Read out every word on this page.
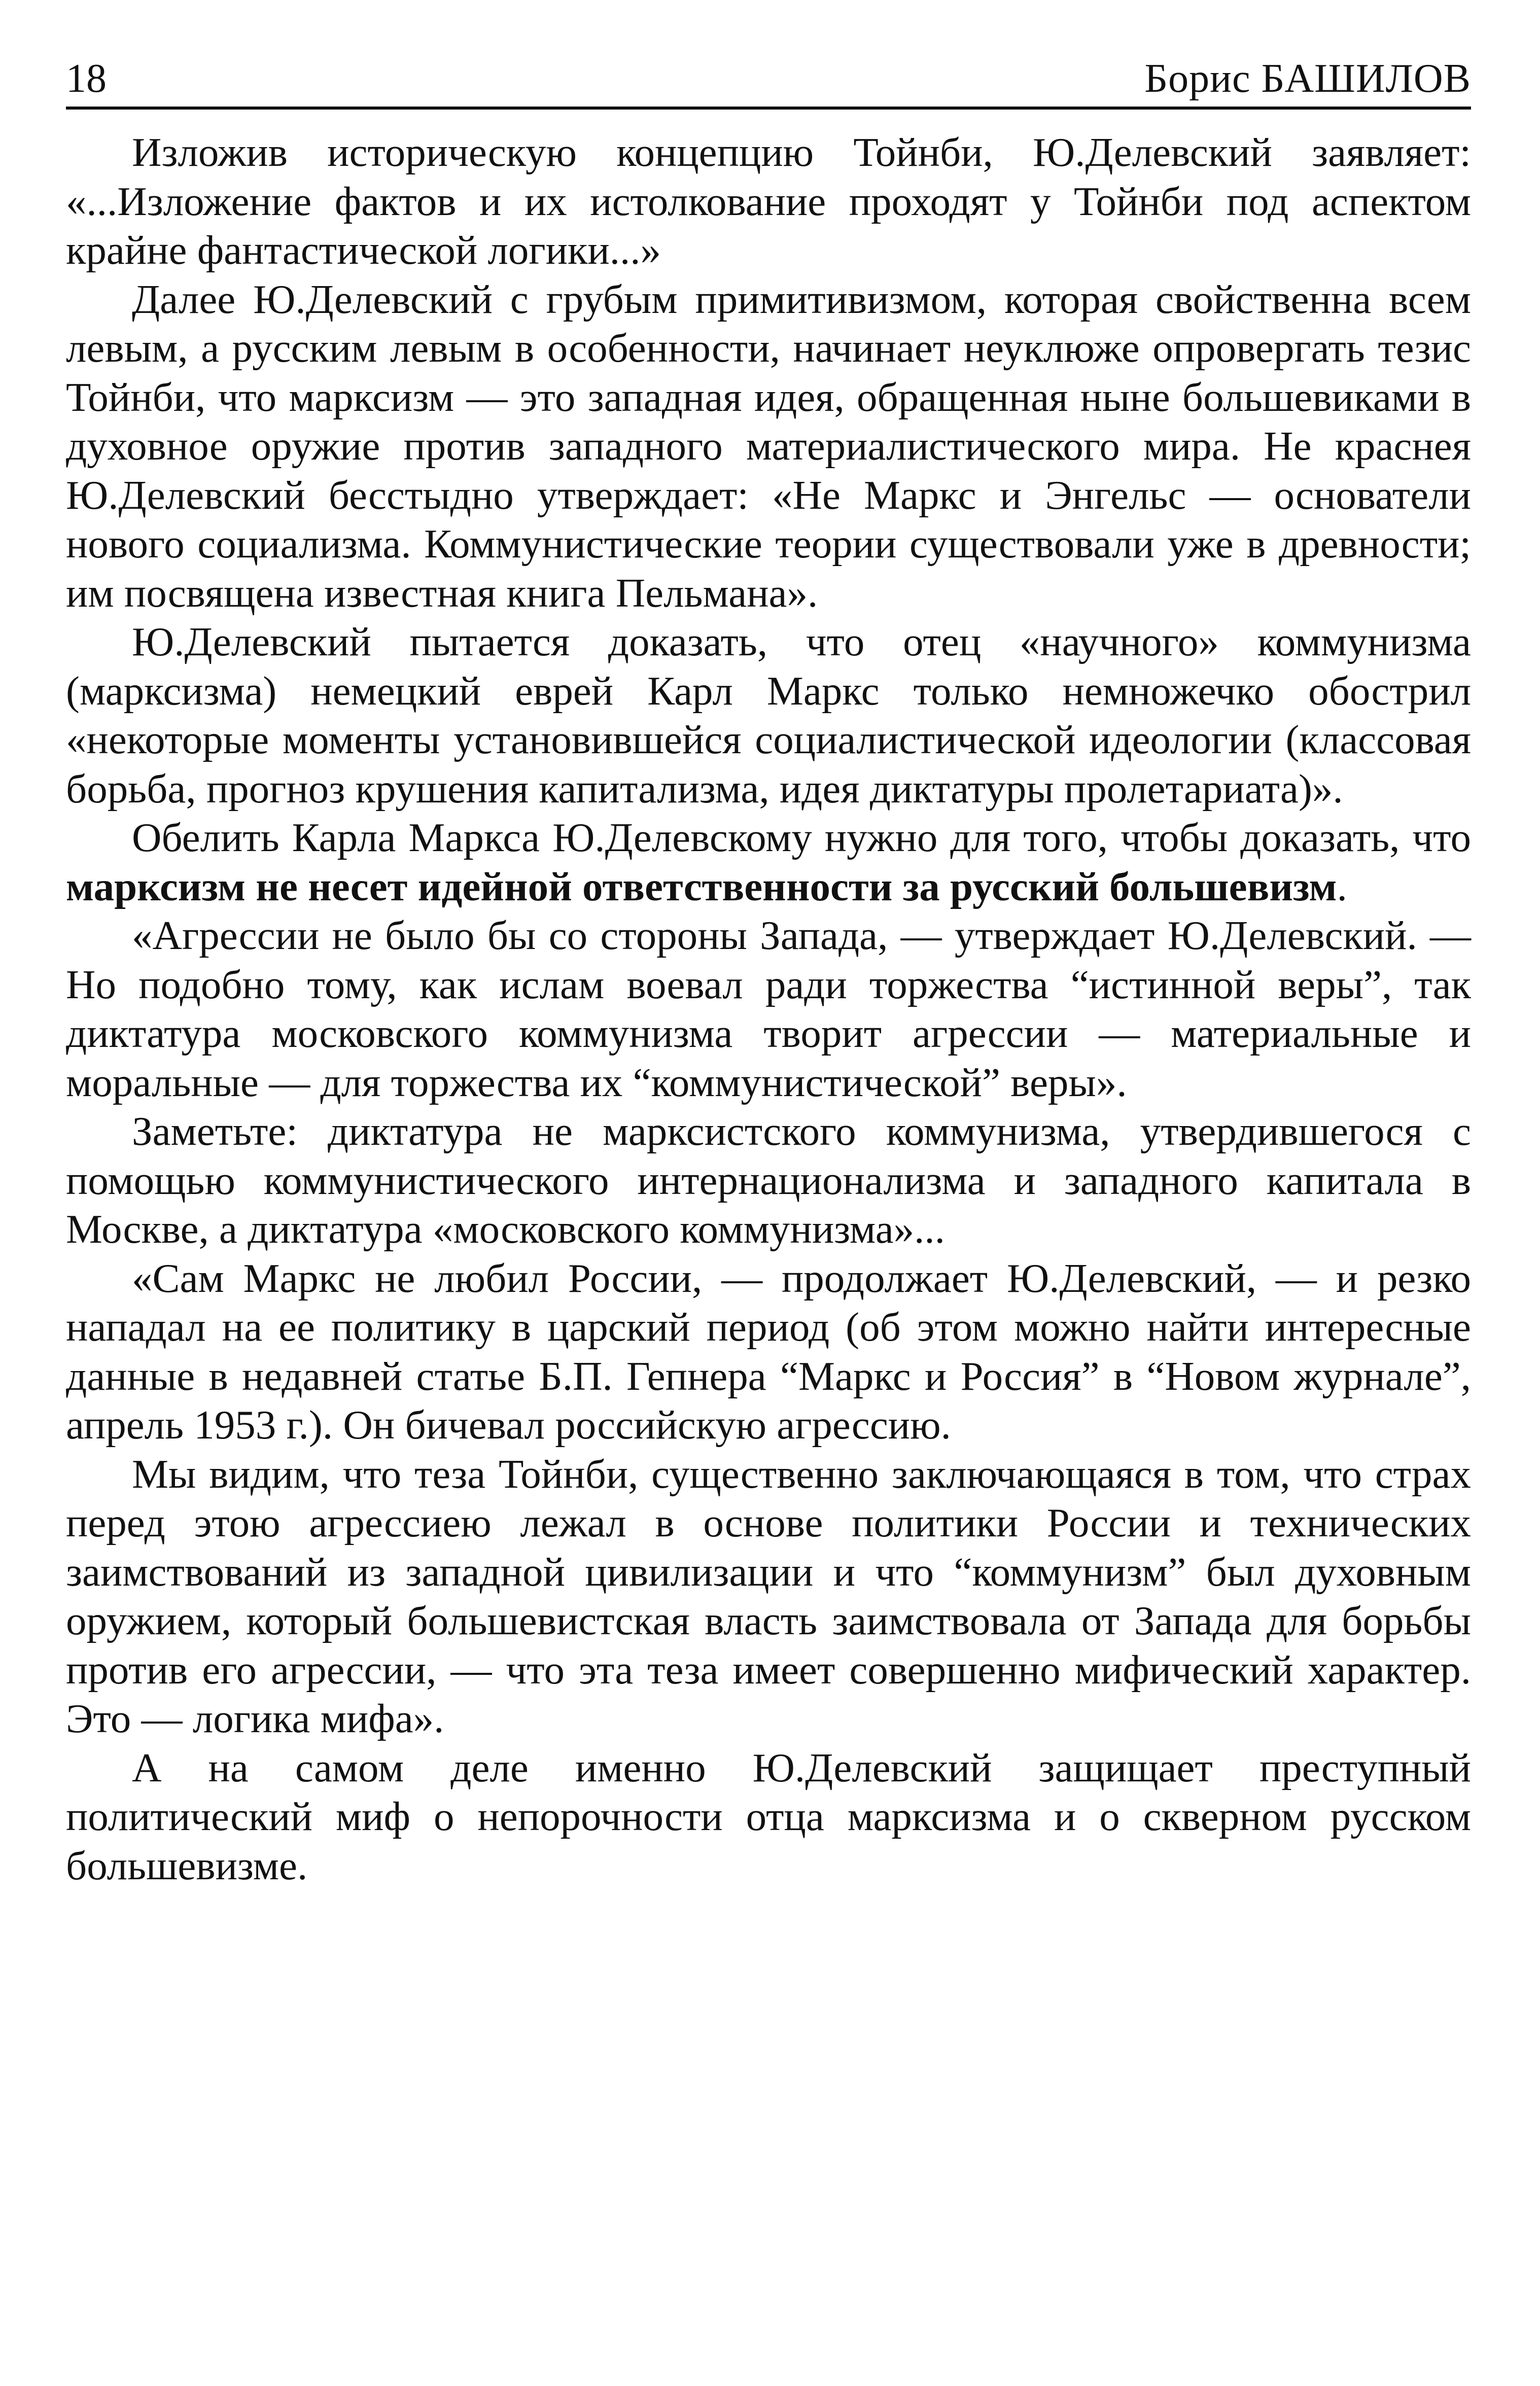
18	Борис БАШИЛОВ

Изложив историческую концепцию Тойнби, Ю.Делевский заявляет: «...Изложение фактов и их истолкование проходят у Тойнби под аспектом крайне фантастической логики...»

Далее Ю.Делевский с грубым примитивизмом, которая свойственна всем левым, а русским левым в особенности, начинает неуклюже опровергать тезис Тойнби, что марксизм — это западная идея, обращенная ныне большевиками в духовное оружие против западного материалистического мира. Не краснея Ю.Делевский бесстыдно утверждает: «Не Маркс и Энгельс — основатели нового социализма. Коммунистические теории существовали уже в древности; им посвящена известная книга Пельмана».

Ю.Делевский пытается доказать, что отец «научного» коммунизма (марксизма) немецкий еврей Карл Маркс только немножечко обострил «некоторые моменты установившейся социалистической идеологии (классовая борьба, прогноз крушения капитализма, идея диктатуры пролетариата)».

Обелить Карла Маркса Ю.Делевскому нужно для того, чтобы доказать, что марксизм не несет идейной ответственности за русский большевизм.

«Агрессии не было бы со стороны Запада, — утверждает Ю.Делевский. — Но подобно тому, как ислам воевал ради торжества “истинной веры”, так диктатура московского коммунизма творит агрессии — материальные и моральные — для торжества их “коммунистической” веры».

Заметьте: диктатура не марксистского коммунизма, утвердившегося с помощью коммунистического интернационализма и западного капитала в Москве, а диктатура «московского коммунизма»...

«Сам Маркс не любил России, — продолжает Ю.Делевский, — и резко нападал на ее политику в царский период (об этом можно найти интересные данные в недавней статье Б.П. Гепнера “Маркс и Россия” в “Новом журнале”, апрель 1953 г.). Он бичевал российскую агрессию.

Мы видим, что теза Тойнби, существенно заключающаяся в том, что страх перед этою агрессиею лежал в основе политики России и технических заимствований из западной цивилизации и что “коммунизм” был духовным оружием, который большевистская власть заимствовала от Запада для борьбы против его агрессии, — что эта теза имеет совершенно мифический характер. Это — логика мифа».

А на самом деле именно Ю.Делевский защищает преступный политический миф о непорочности отца марксизма и о скверном русском большевизме.
